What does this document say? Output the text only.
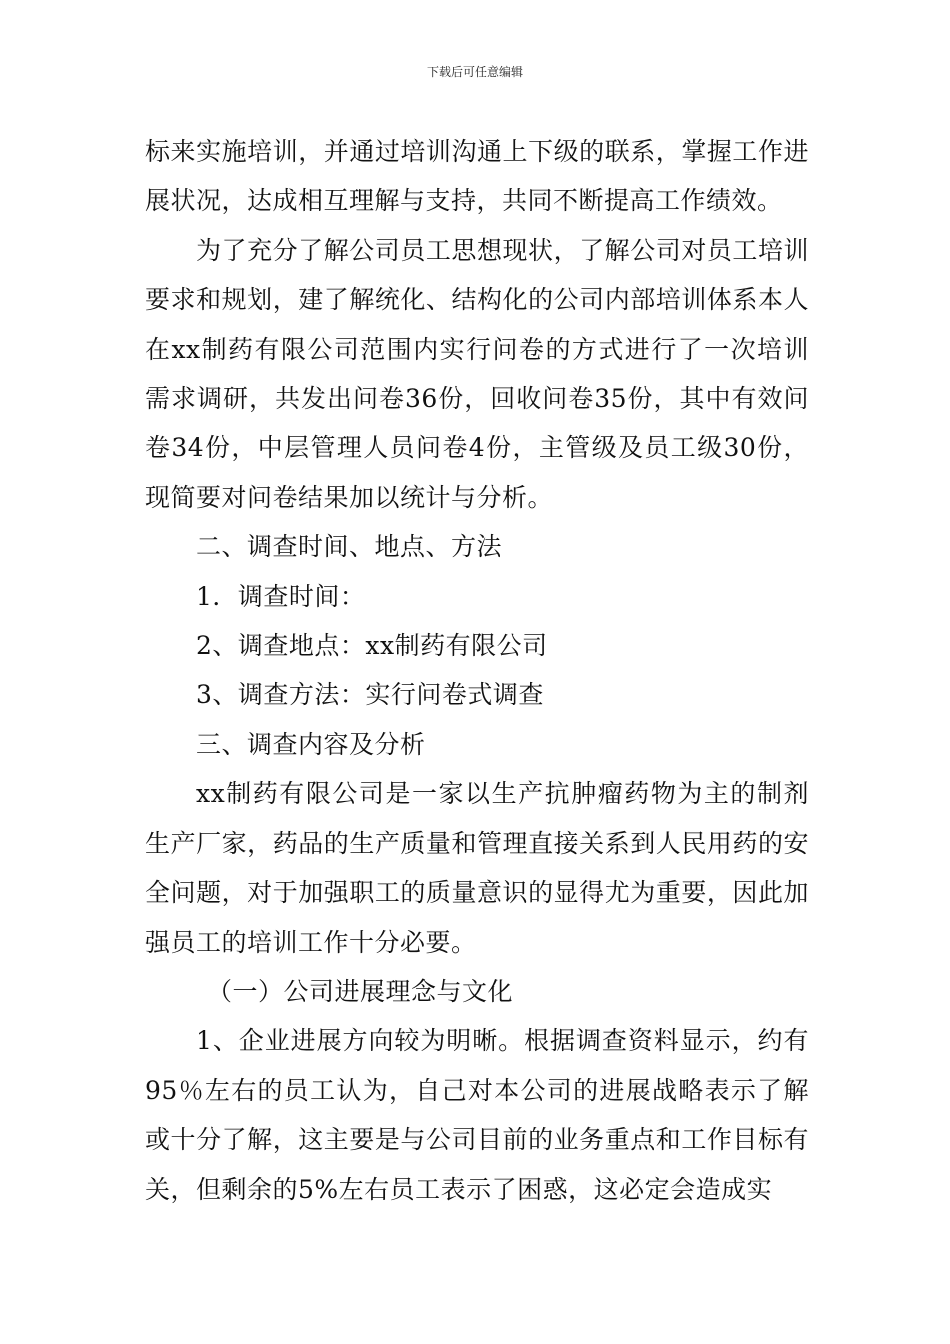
下载后可任意编辑

标来实施培训，并通过培训沟通上下级的联系，掌握工作进展状况，达成相互理解与支持，共同不断提高工作绩效。

为了充分了解公司员工思想现状，了解公司对员工培训要求和规划，建了解统化、结构化的公司内部培训体系本人在xx制药有限公司范围内实行问卷的方式进行了一次培训需求调研，共发出问卷36份，回收问卷35份，其中有效问卷34份，中层管理人员问卷4份，主管级及员工级30份，现简要对问卷结果加以统计与分析。

二、调查时间、地点、方法

1．调查时间：

2、调查地点：xx制药有限公司

3、调查方法：实行问卷式调查

三、调查内容及分析

xx制药有限公司是一家以生产抗肿瘤药物为主的制剂生产厂家，药品的生产质量和管理直接关系到人民用药的安全问题，对于加强职工的质量意识的显得尤为重要，因此加强员工的培训工作十分必要。

（一）公司进展理念与文化

1、企业进展方向较为明晰。根据调查资料显示，约有95％左右的员工认为，自己对本公司的进展战略表示了解或十分了解，这主要是与公司目前的业务重点和工作目标有关，但剩余的5%左右员工表示了困惑，这必定会造成实
